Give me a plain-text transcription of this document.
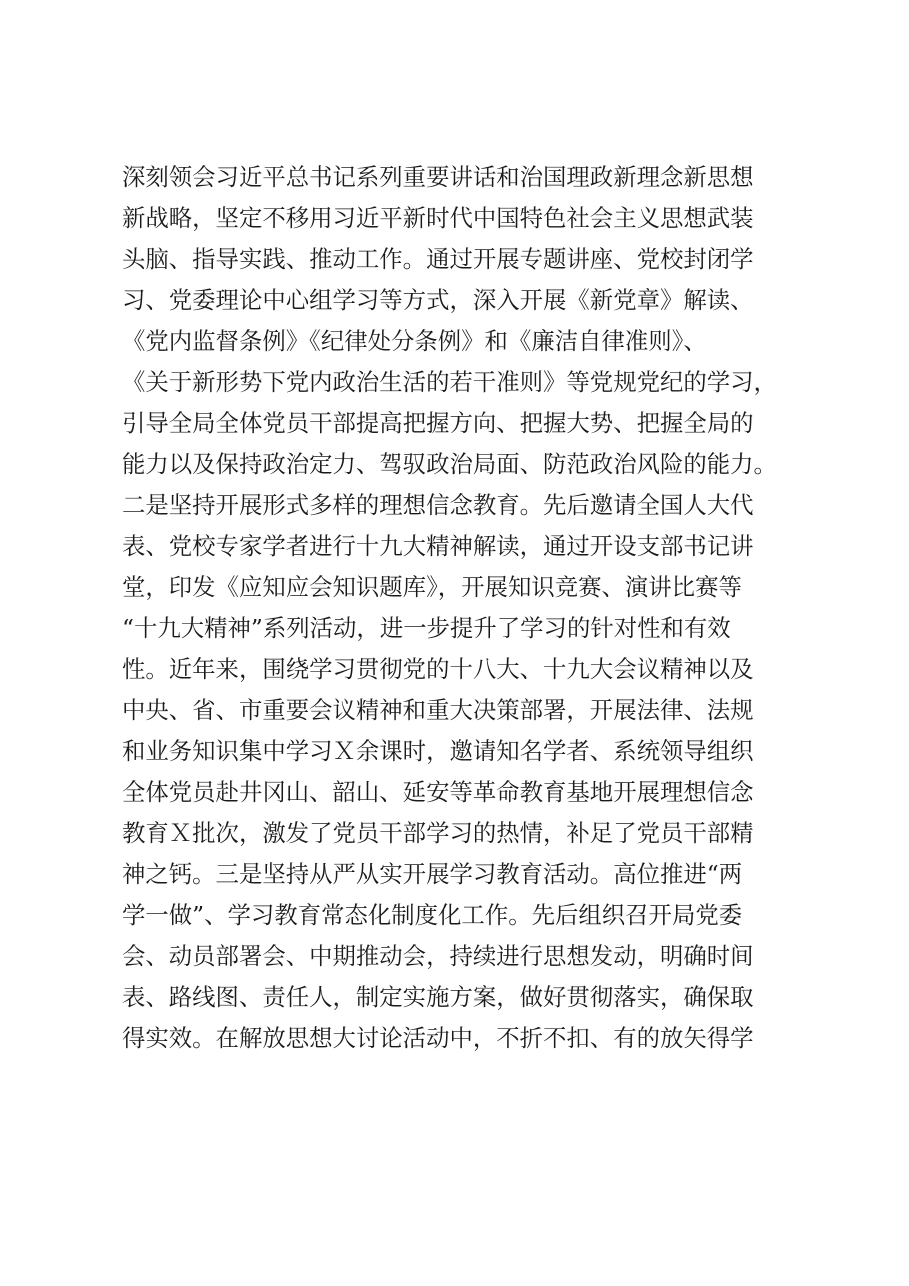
深刻领会习近平总书记系列重要讲话和治国理政新理念新思想
新战略，坚定不移用习近平新时代中国特色社会主义思想武装
头脑、指导实践、推动工作。通过开展专题讲座、党校封闭学
习、党委理论中心组学习等方式，深入开展《新党章》解读、
《党内监督条例》《纪律处分条例》和《廉洁自律准则》、
《关于新形势下党内政治生活的若干准则》等党规党纪的学习，
引导全局全体党员干部提高把握方向、把握大势、把握全局的
能力以及保持政治定力、驾驭政治局面、防范政治风险的能力。
二是坚持开展形式多样的理想信念教育。先后邀请全国人大代
表、党校专家学者进行十九大精神解读，通过开设支部书记讲
堂，印发《应知应会知识题库》，开展知识竞赛、演讲比赛等
“十九大精神”系列活动，进一步提升了学习的针对性和有效
性。近年来，围绕学习贯彻党的十八大、十九大会议精神以及
中央、省、市重要会议精神和重大决策部署，开展法律、法规
和业务知识集中学习Ｘ余课时，邀请知名学者、系统领导组织
全体党员赴井冈山、韶山、延安等革命教育基地开展理想信念
教育Ｘ批次，激发了党员干部学习的热情，补足了党员干部精
神之钙。三是坚持从严从实开展学习教育活动。高位推进“两
学一做”、学习教育常态化制度化工作。先后组织召开局党委
会、动员部署会、中期推动会，持续进行思想发动，明确时间
表、路线图、责任人，制定实施方案，做好贯彻落实，确保取
得实效。在解放思想大讨论活动中，不折不扣、有的放矢得学
